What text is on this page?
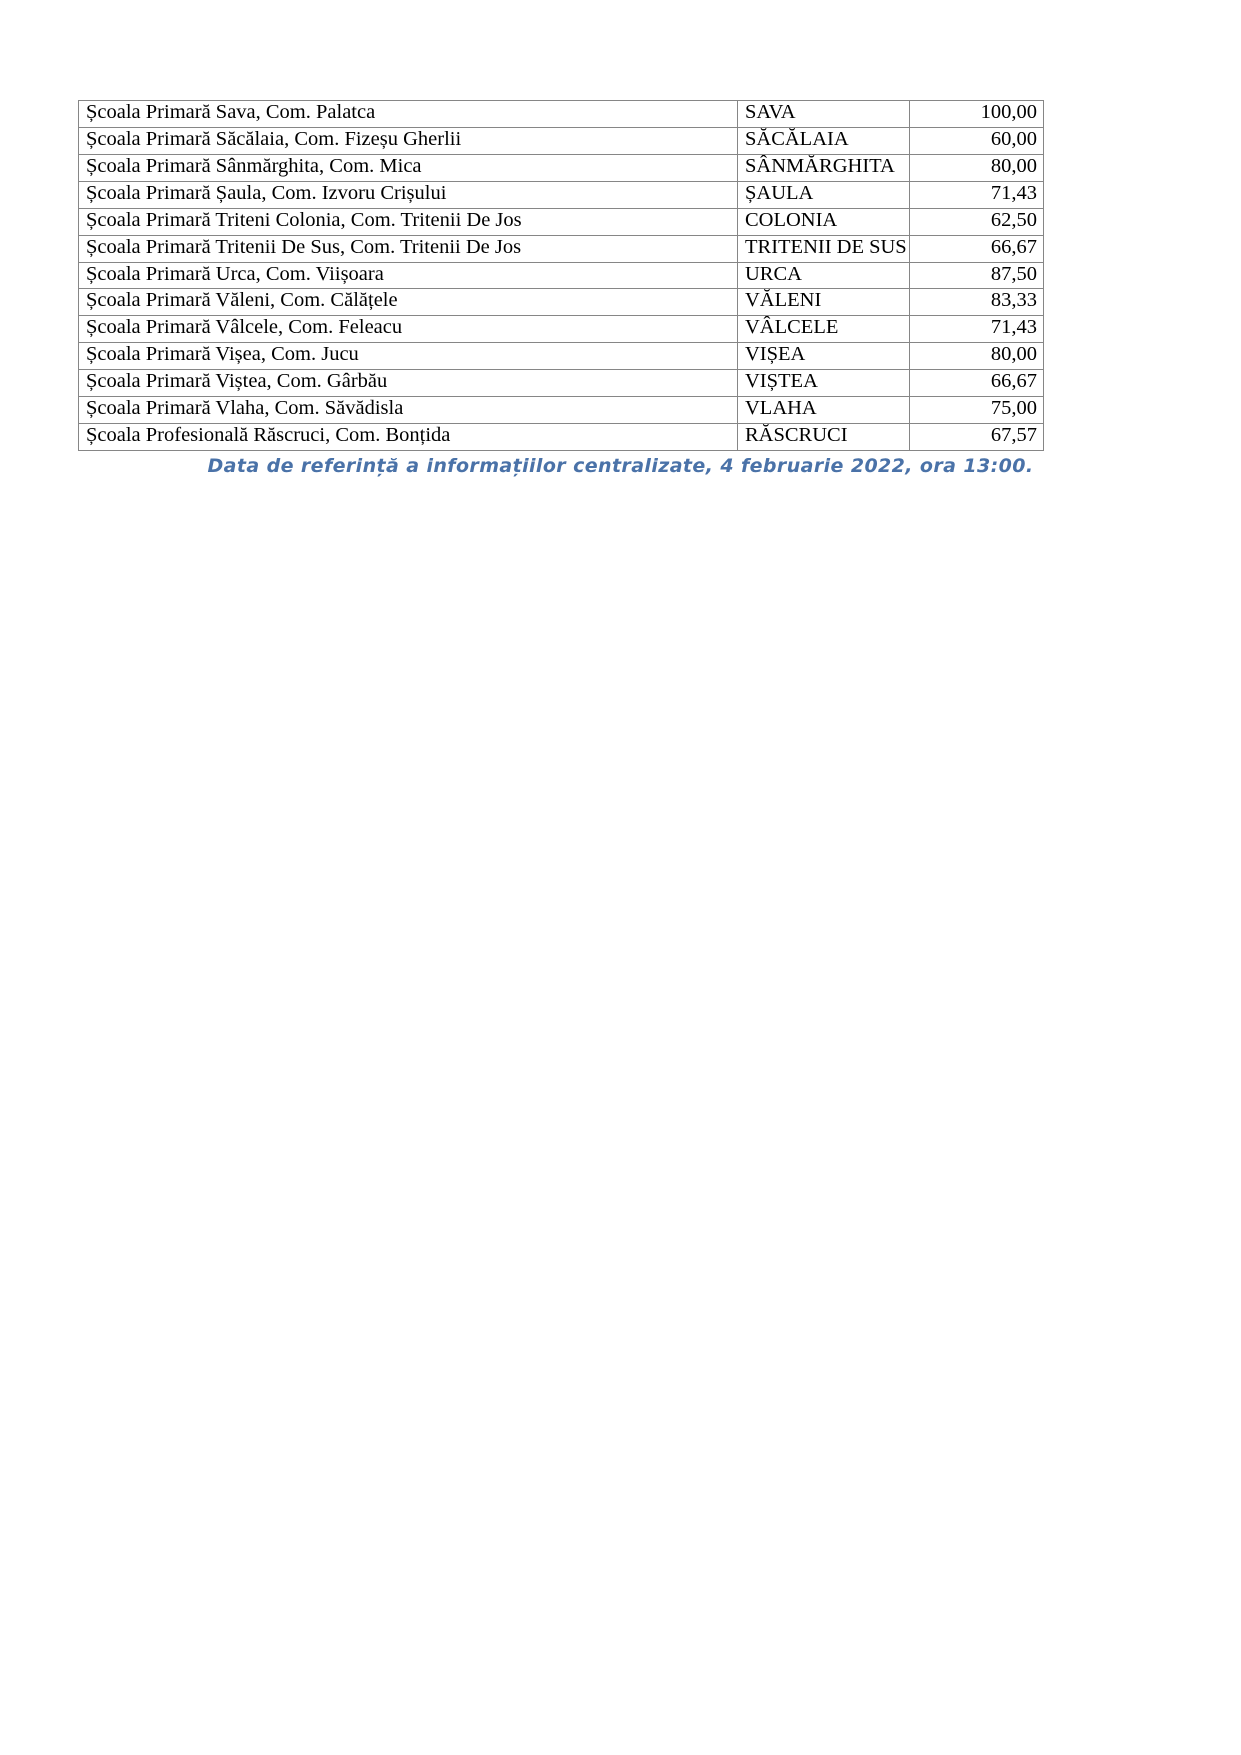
Școala Primară Sava, Com. Palatca	SAVA	100,00
Școala Primară Săcălaia, Com. Fizeșu Gherlii	SĂCĂLAIA	60,00
Școala Primară Sânmărghita, Com. Mica	SÂNMĂRGHITA	80,00
Școala Primară Șaula, Com. Izvoru Crișului	ȘAULA	71,43
Școala Primară Triteni Colonia, Com. Tritenii De Jos	COLONIA	62,50
Școala Primară Tritenii De Sus, Com. Tritenii De Jos	TRITENII DE SUS	66,67
Școala Primară Urca, Com. Viișoara	URCA	87,50
Școala Primară Văleni, Com. Călățele	VĂLENI	83,33
Școala Primară Vâlcele, Com. Feleacu	VÂLCELE	71,43
Școala Primară Vișea, Com. Jucu	VIȘEA	80,00
Școala Primară Viștea, Com. Gârbău	VIȘTEA	66,67
Școala Primară Vlaha, Com. Săvădisla	VLAHA	75,00
Școala Profesională Răscruci, Com. Bonțida	RĂSCRUCI	67,57
Data de referință a informațiilor centralizate, 4 februarie 2022, ora 13:00.
